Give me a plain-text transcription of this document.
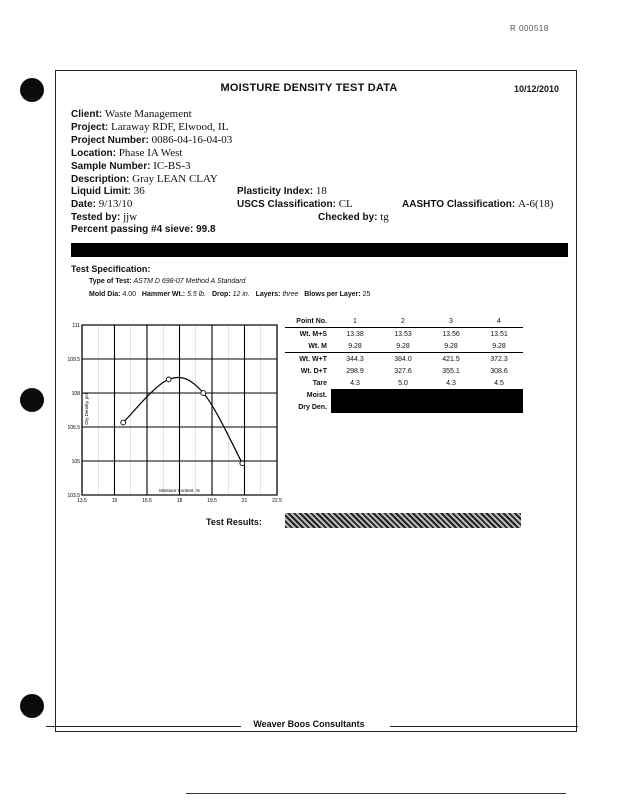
R 000518
MOISTURE DENSITY TEST DATA	10/12/2010
Client: Waste Management
Project: Laraway RDF, Elwood, IL
Project Number: 0086-04-16-04-03
Location: Phase IA West
Sample Number: IC-BS-3
Description: Gray LEAN CLAY
Liquid Limit: 36	Plasticity Index: 18
Date: 9/13/10	USCS Classification: CL	AASHTO Classification: A-6(18)
Tested by: jjw	Checked by: tg
Percent passing #4 sieve: 99.8
Test Specification:
Type of Test: ASTM D 698-07 Method A Standard
Mold Dia: 4.00 Hammer Wt.: 5.5 lb. Drop: 12 in. Layers: three Blows per Layer: 25
13.5	15	16.5	18	19.5	21	22.5
111
109.5
108
106.5
105
103.5
Moisture Content, %
Dry Density, pcf
Point No.	1	2	3	4
Wt. M+S	13.38	13.53	13.56	13.51
Wt. M	9.28	9.28	9.28	9.28
Wt. W+T	344.3	384.0	421.5	372.3
Wt. D+T	298.9	327.6	355.1	308.6
Tare	4.3	5.0	4.3	4.5
Moist.				
Dry Den.				
Test Results:
Weaver Boos Consultants
